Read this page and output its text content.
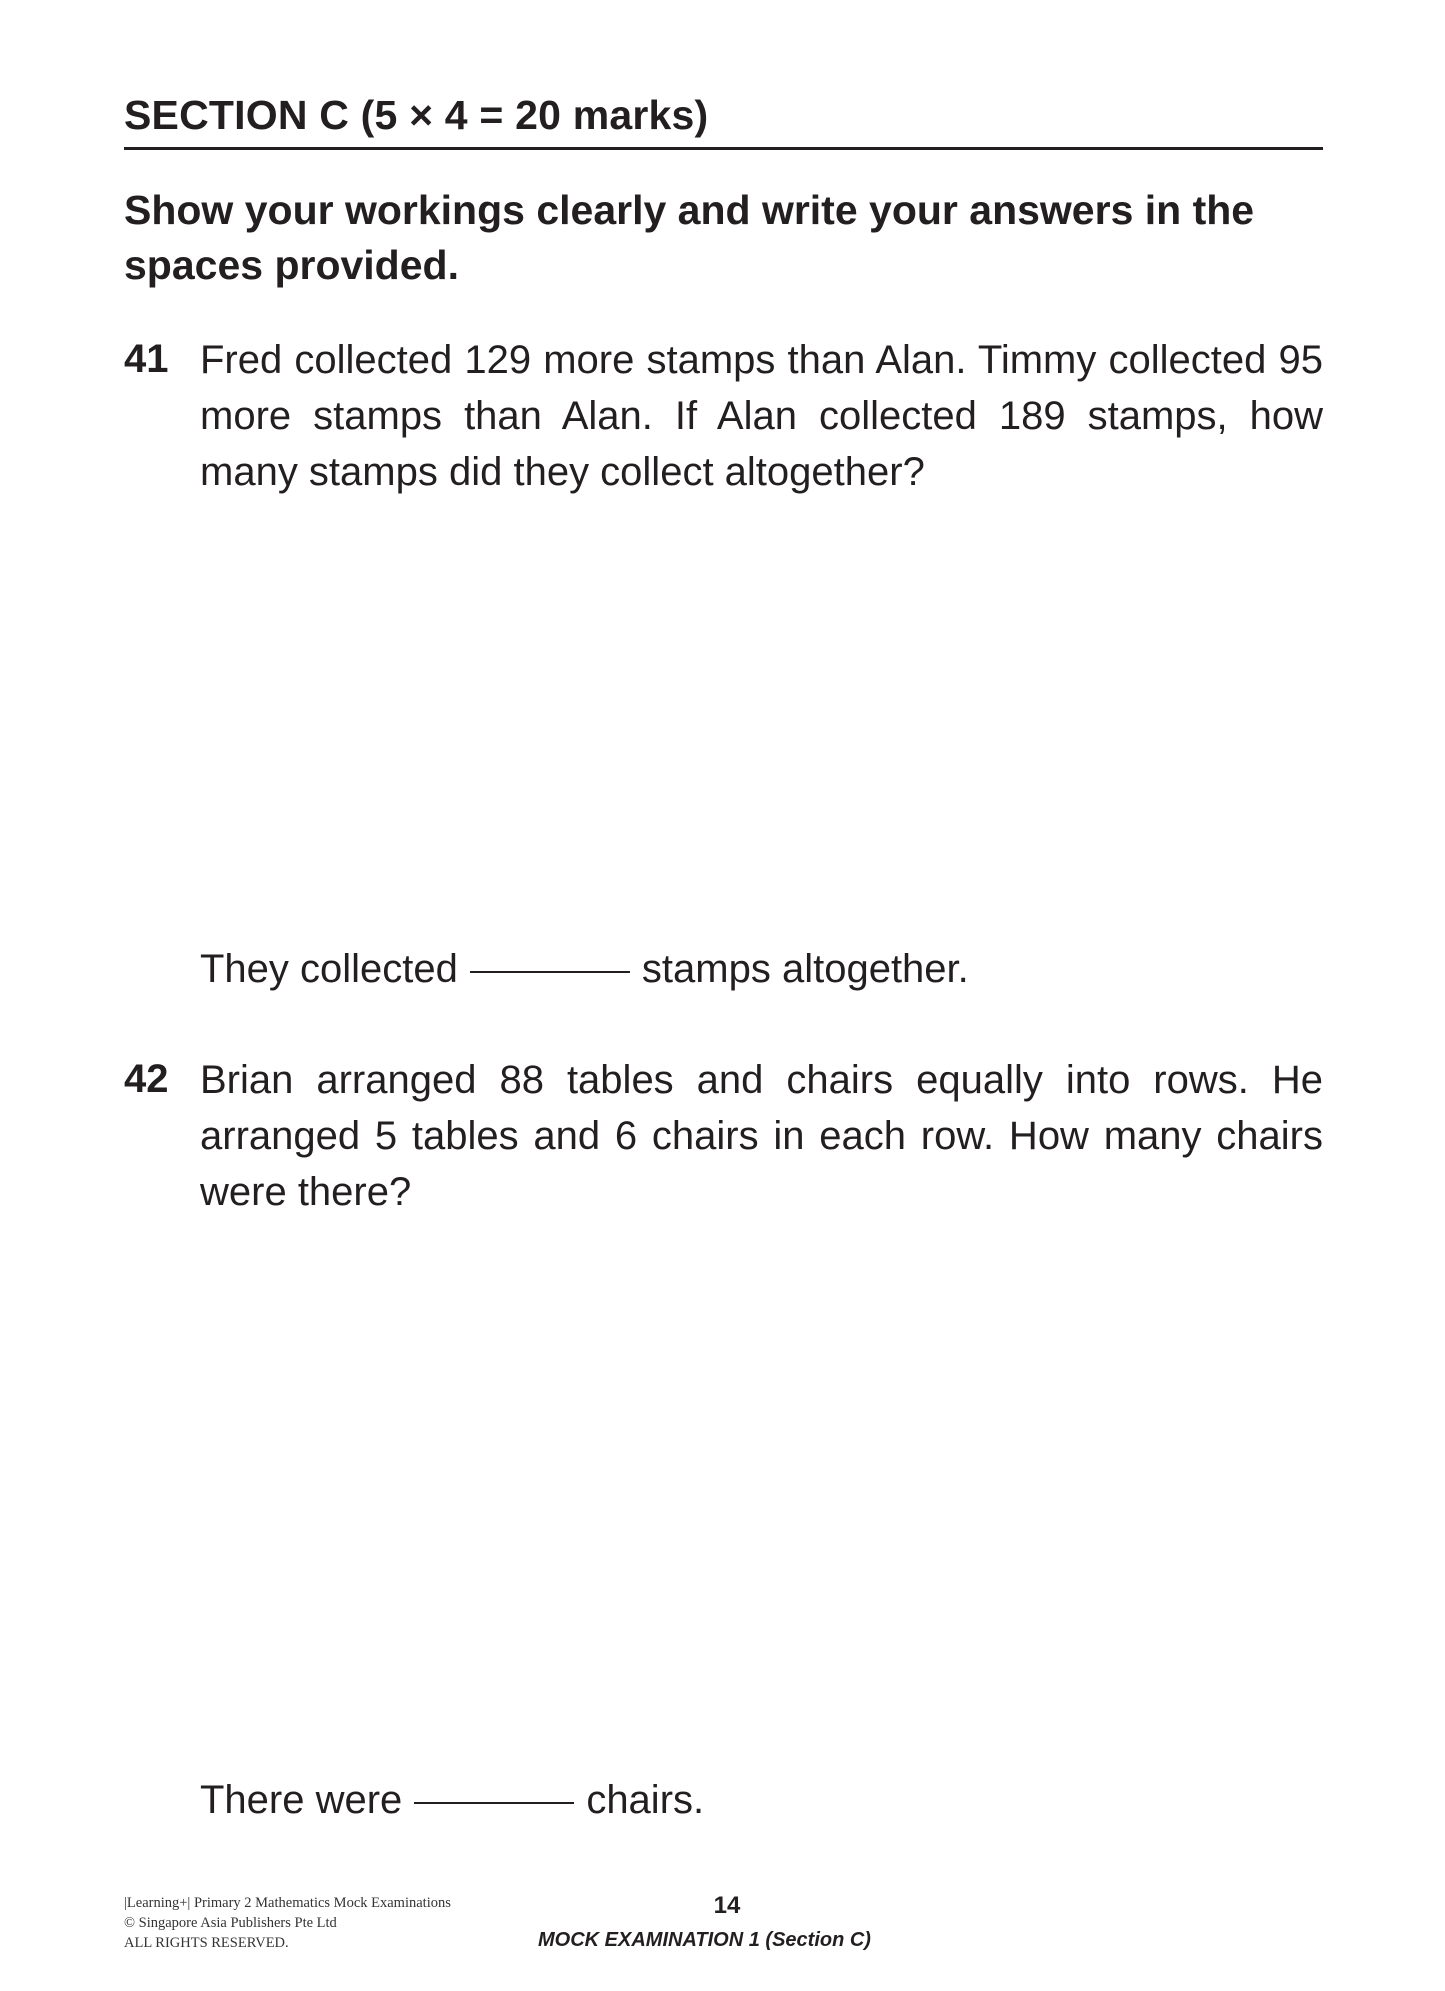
SECTION C (5 × 4 = 20 marks)
Show your workings clearly and write your answers in the spaces provided.
41 Fred collected 129 more stamps than Alan. Timmy collected 95 more stamps than Alan. If Alan collected 189 stamps, how many stamps did they collect altogether?
They collected	stamps altogether.
42 Brian arranged 88 tables and chairs equally into rows. He arranged 5 tables and 6 chairs in each row. How many chairs were there?
There were	chairs.
|Learning+| Primary 2 Mathematics Mock Examinations
© Singapore Asia Publishers Pte Ltd
ALL RIGHTS RESERVED.
14
MOCK EXAMINATION 1 (Section C)
